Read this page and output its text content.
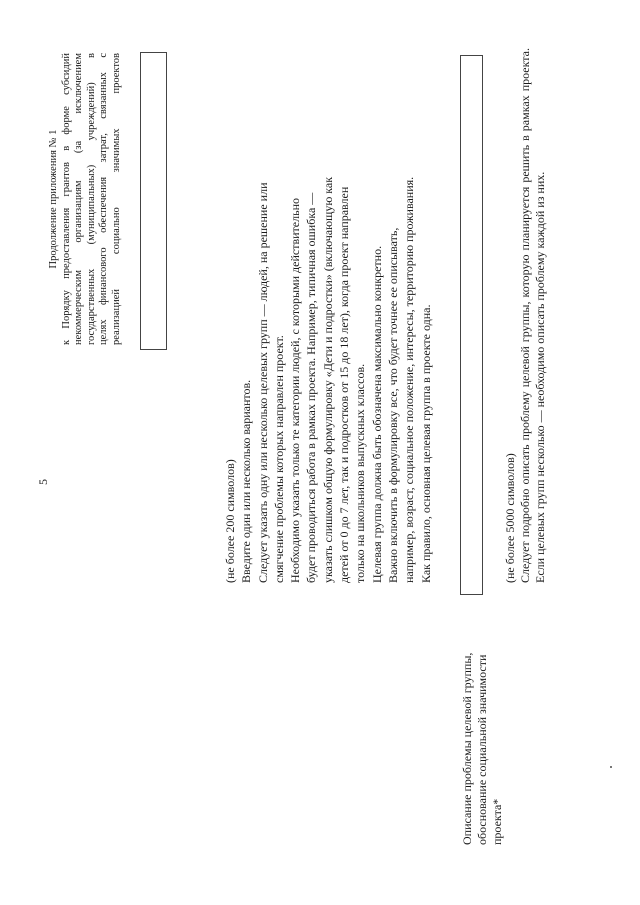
5
Продолжение приложения № 1 к Порядку предоставления грантов в форме субсидий некоммерческим организациям (за исключением государственных (муниципальных) учреждений) в целях финансового обеспечения затрат, связанных с реализацией социально значимых проектов

(не более 200 символов) Введите один или несколько вариантов. Следует указать одну или несколько целевых групп — людей, на решение или смягчение проблемы которых направлен проект. Необходимо указать только те категории людей, с которыми действительно будет проводиться работа в рамках проекта. Например, типичная ошибка — указать слишком общую формулировку «Дети и подростки» (включающую как детей от 0 до 7 лет, так и подростков от 15 до 18 лет), когда проект направлен только на школьников выпускных классов. Целевая группа должна быть обозначена максимально конкретно. Важно включить в формулировку все, что будет точнее ее описывать, например, возраст, социальное положение, интересы, территорию проживания. Как правило, основная целевая группа в проекте одна.

Описание проблемы целевой группы, обоснование социальной значимости проекта*

(не более 5000 символов) Следует подробно описать проблему целевой группы, которую планируется решить в рамках проекта. Если целевых групп несколько — необходимо описать проблему каждой из них.
